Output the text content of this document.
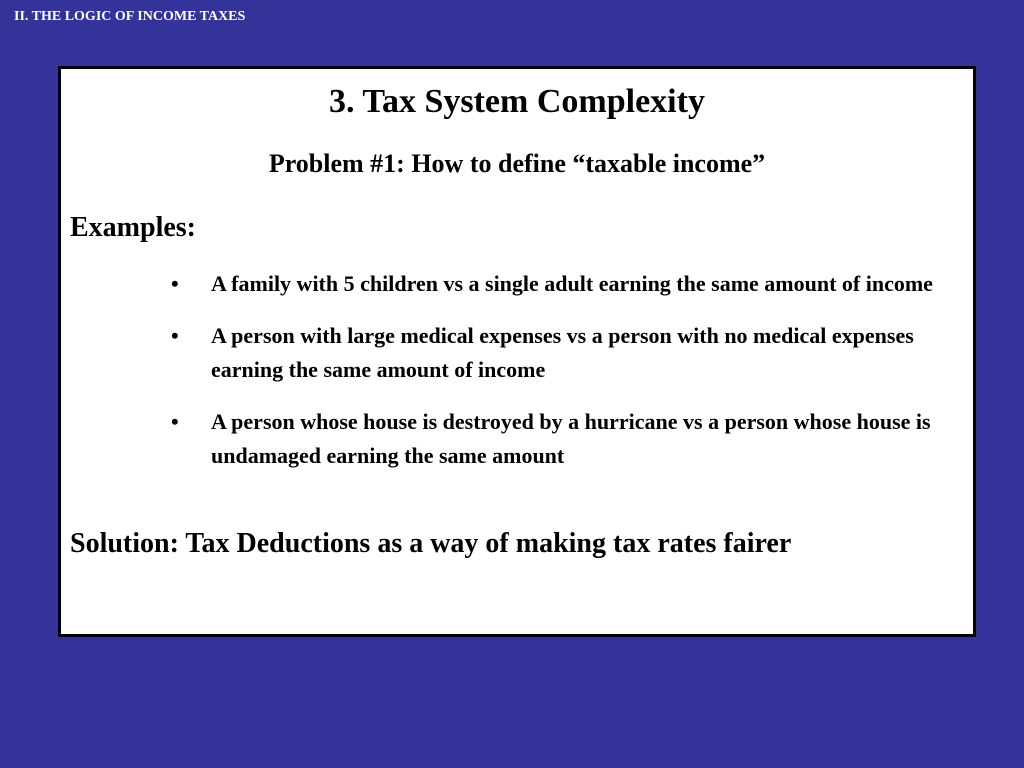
II. THE LOGIC OF INCOME TAXES
3. Tax System Complexity
Problem #1: How to define “taxable income”
Examples:
•	A family with 5 children vs a single adult earning the same amount of income
•	A person with large medical expenses vs a person with no medical expenses earning the same amount of income
•	A person whose house is destroyed by a hurricane vs a person whose house is undamaged earning the same amount
Solution: Tax Deductions as a way of making tax rates fairer
